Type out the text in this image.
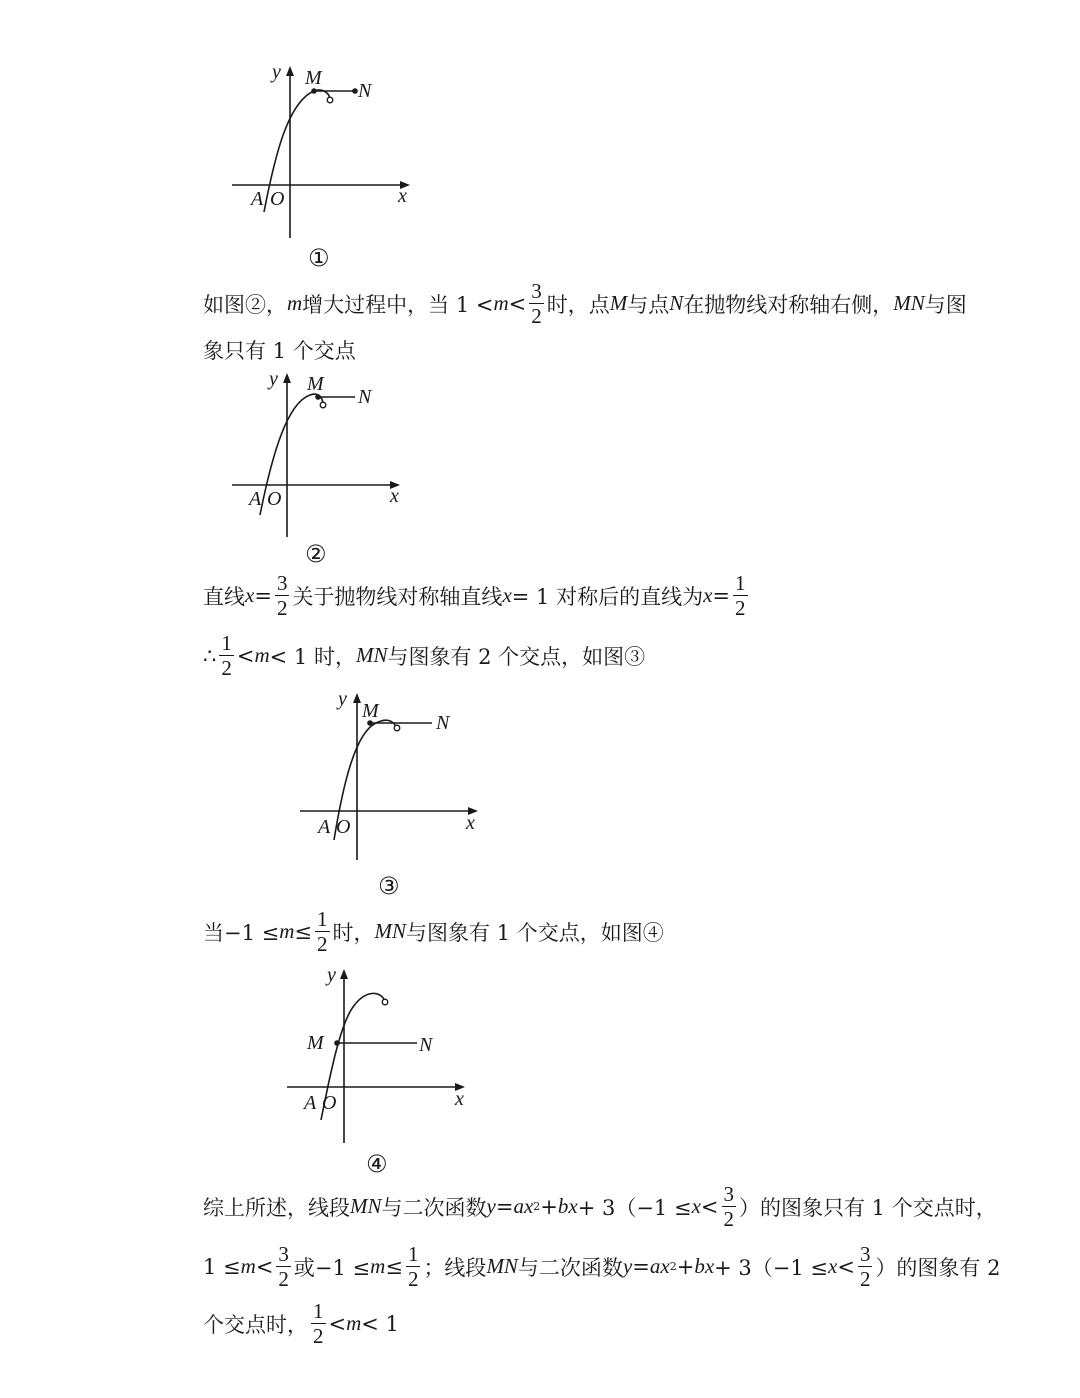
y
x
M
N
A O
①
如图②， m 增大过程中，当 $1 < m < \frac{3}{2}$ 时，点 M 与点 N 在抛物线对称轴右侧， MN 与图
象只有 1 个交点
y
x
M
N
A O
②
直线 $x = \frac{3}{2}$ 关于抛物线对称轴直线 x = 1 对称后的直线为 $x = \frac{1}{2}$
∴ $\frac{1}{2} < m < 1$ 时， MN 与图象有 2 个交点，如图③
y
x
M
N
A O
③
当$-1 \le m \le \frac{1}{2}$ 时， MN 与图象有 1 个交点，如图④
y
x
M	N
A O
④
综上所述，线段 MN 与二次函数 y = ax 2 + bx + $3(-1 \le x < \frac{3}{2}$ ）的图象只有 1 个交点时，
$1 \le m < \frac{3}{2}$ 或$-1 \le m \le \frac{1}{2}$ ；线段 MN 与二次函数 y = ax 2 + bx + $3(-1 \le x < \frac{3}{2}$ ）的图象有 2
个交点时， $\frac{1}{2} < m < 1$
